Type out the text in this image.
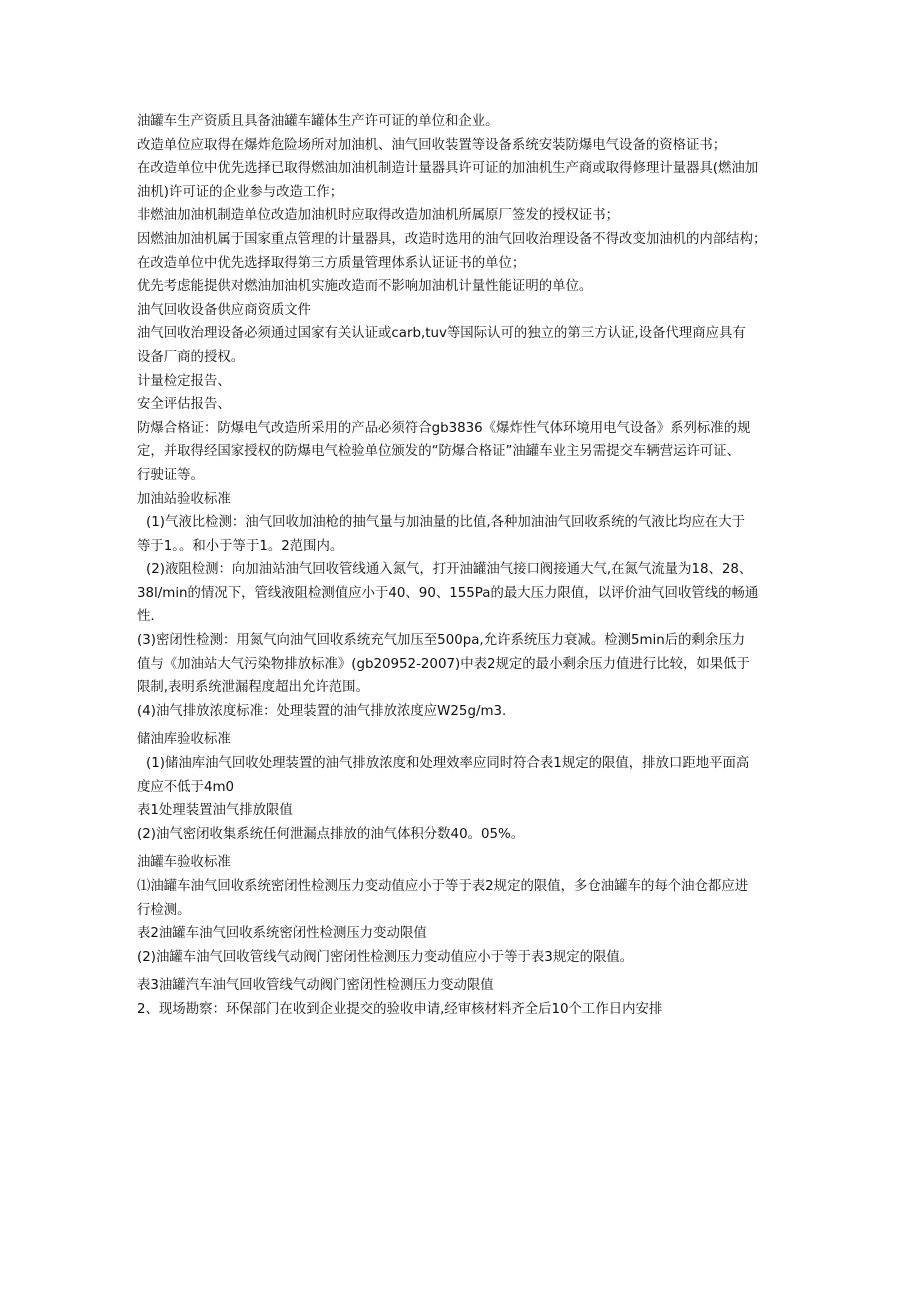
油罐车生产资质且具备油罐车罐体生产许可证的单位和企业。
改造单位应取得在爆炸危险场所对加油机、油气回收装置等设备系统安装防爆电气设备的资格证书；
在改造单位中优先选择已取得燃油加油机制造计量器具许可证的加油机生产商或取得修理计量器具(燃油加
油机)许可证的企业参与改造工作；
非燃油加油机制造单位改造加油机时应取得改造加油机所属原厂签发的授权证书；
因燃油加油机属于国家重点管理的计量器具，改造时选用的油气回收治理设备不得改变加油机的内部结构；
在改造单位中优先选择取得第三方质量管理体系认证证书的单位；
优先考虑能提供对燃油加油机实施改造而不影响加油机计量性能证明的单位。
油气回收设备供应商资质文件
油气回收治理设备必须通过国家有关认证或carb,tuv等国际认可的独立的第三方认证,设备代理商应具有
设备厂商的授权。
计量检定报告、
安全评估报告、
防爆合格证：防爆电气改造所采用的产品必须符合gb3836《爆炸性气体环境用电气设备》系列标准的规
定，并取得经国家授权的防爆电气检验单位颁发的“防爆合格证”油罐车业主另需提交车辆营运许可证、
行驶证等。
加油站验收标准
(1)气液比检测：油气回收加油枪的抽气量与加油量的比值,各种加油油气回收系统的气液比均应在大于
等于1。。和小于等于1。2范围内。
(2)液阻检测：向加油站油气回收管线通入氮气，打开油罐油气接口阀接通大气,在氮气流量为18、28、
38l/min的情况下，管线液阻检测值应小于40、90、155Pa的最大压力限值，以评价油气回收管线的畅通
性.
(3)密闭性检测：用氮气向油气回收系统充气加压至500pa,允许系统压力衰减。检测5min后的剩余压力
值与《加油站大气污染物排放标准》(gb20952-2007)中表2规定的最小剩余压力值进行比较，如果低于
限制,表明系统泄漏程度超出允许范围。
(4)油气排放浓度标准：处理装置的油气排放浓度应W25g/m3.
储油库验收标准
(1)储油库油气回收处理装置的油气排放浓度和处理效率应同时符合表1规定的限值，排放口距地平面高
度应不低于4m0
表1处理装置油气排放限值
(2)油气密闭收集系统任何泄漏点排放的油气体积分数40。05%。
油罐车验收标准
⑴油罐车油气回收系统密闭性检测压力变动值应小于等于表2规定的限值，多仓油罐车的每个油仓都应进
行检测。
表2油罐车油气回收系统密闭性检测压力变动限值
(2)油罐车油气回收管线气动阀门密闭性检测压力变动值应小于等于表3规定的限值。
表3油罐汽车油气回收管线气动阀门密闭性检测压力变动限值
2、现场勘察：环保部门在收到企业提交的验收申请,经审核材料齐全后10个工作日内安排
